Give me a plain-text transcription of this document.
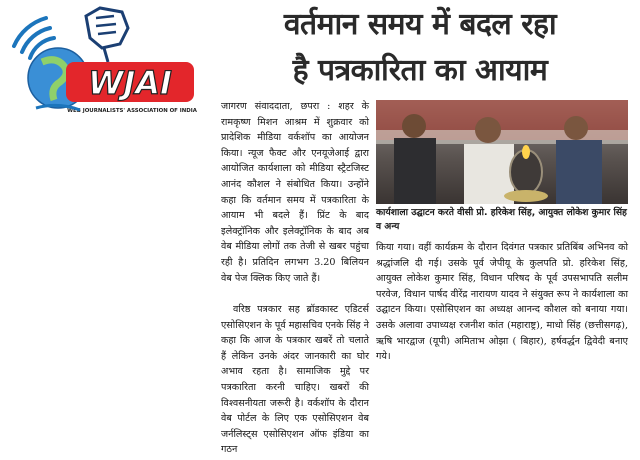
WJAI
WEB JOURNALISTS' ASSOCIATION OF INDIA
वर्तमान समय में बदल रहा
है पत्रकारिता का आयाम

जागरण संवाददाता, छपरा : शहर के रामकृष्ण मिशन आश्रम में शुक्रवार को प्रादेशिक मीडिया वर्कशॉप का आयोजन किया। न्यूज फैक्ट और एनयूजेआई द्वारा आयोजित कार्यशाला को मीडिया स्ट्रैटजिस्ट आनंद कौशल ने संबोधित किया। उन्होंने कहा कि वर्तमान समय में पत्रकारिता के आयाम भी बदले हैं। प्रिंट के बाद इलेक्ट्रॉनिक और इलेक्ट्रॉनिक के बाद अब वेब मीडिया लोगों तक तेजी से खबर पहुंचा रही है। प्रतिदिन लगभग 3.20 बिलियन वेब पेज क्लिक किए जाते हैं।

वरिष्ठ पत्रकार सह ब्रॉडकास्ट एडिटर्स एसोसिएशन के पूर्व महासचिव एनके सिंह ने कहा कि आज के पत्रकार खबरें तो चलाते हैं लेकिन उनके अंदर जानकारी का घोर अभाव रहता है। सामाजिक मुद्दे पर पत्रकारिता करनी चाहिए। खबरों की विश्वसनीयता जरूरी है। वर्कशॉप के दौरान वेब पोर्टल के लिए एक एसोसिएशन वेब जर्नलिस्ट्स एसोसिएशन ऑफ इंडिया का गठन

कार्यशाला उद्घाटन करते वीसी प्रो. हरिकेश सिंह, आयुक्त लोकेश कुमार सिंह व अन्य

किया गया। वहीं कार्यक्रम के दौरान दिवंगत पत्रकार प्रतिबिंब अभिनव को श्रद्धांजलि दी गई। उसके पूर्व जेपीयू के कुलपति प्रो. हरिकेश सिंह, आयुक्त लोकेश कुमार सिंह, विधान परिषद के पूर्व उपसभापति सलीम परवेज, विधान पार्षद वीरेंद्र नारायण यादव ने संयुक्त रूप ने कार्यशाला का उद्घाटन किया। एसोसिएशन का अध्यक्ष आनन्द कौशल को बनाया गया। उसके अलावा उपाध्यक्ष रजनीश कांत (महाराष्ट्र), माधो सिंह (छत्तीसगढ़), ऋषि भारद्वाज (यूपी) अमिताभ ओझा ( बिहार), हर्षवर्द्धन द्विवेदी बनाए गये।
